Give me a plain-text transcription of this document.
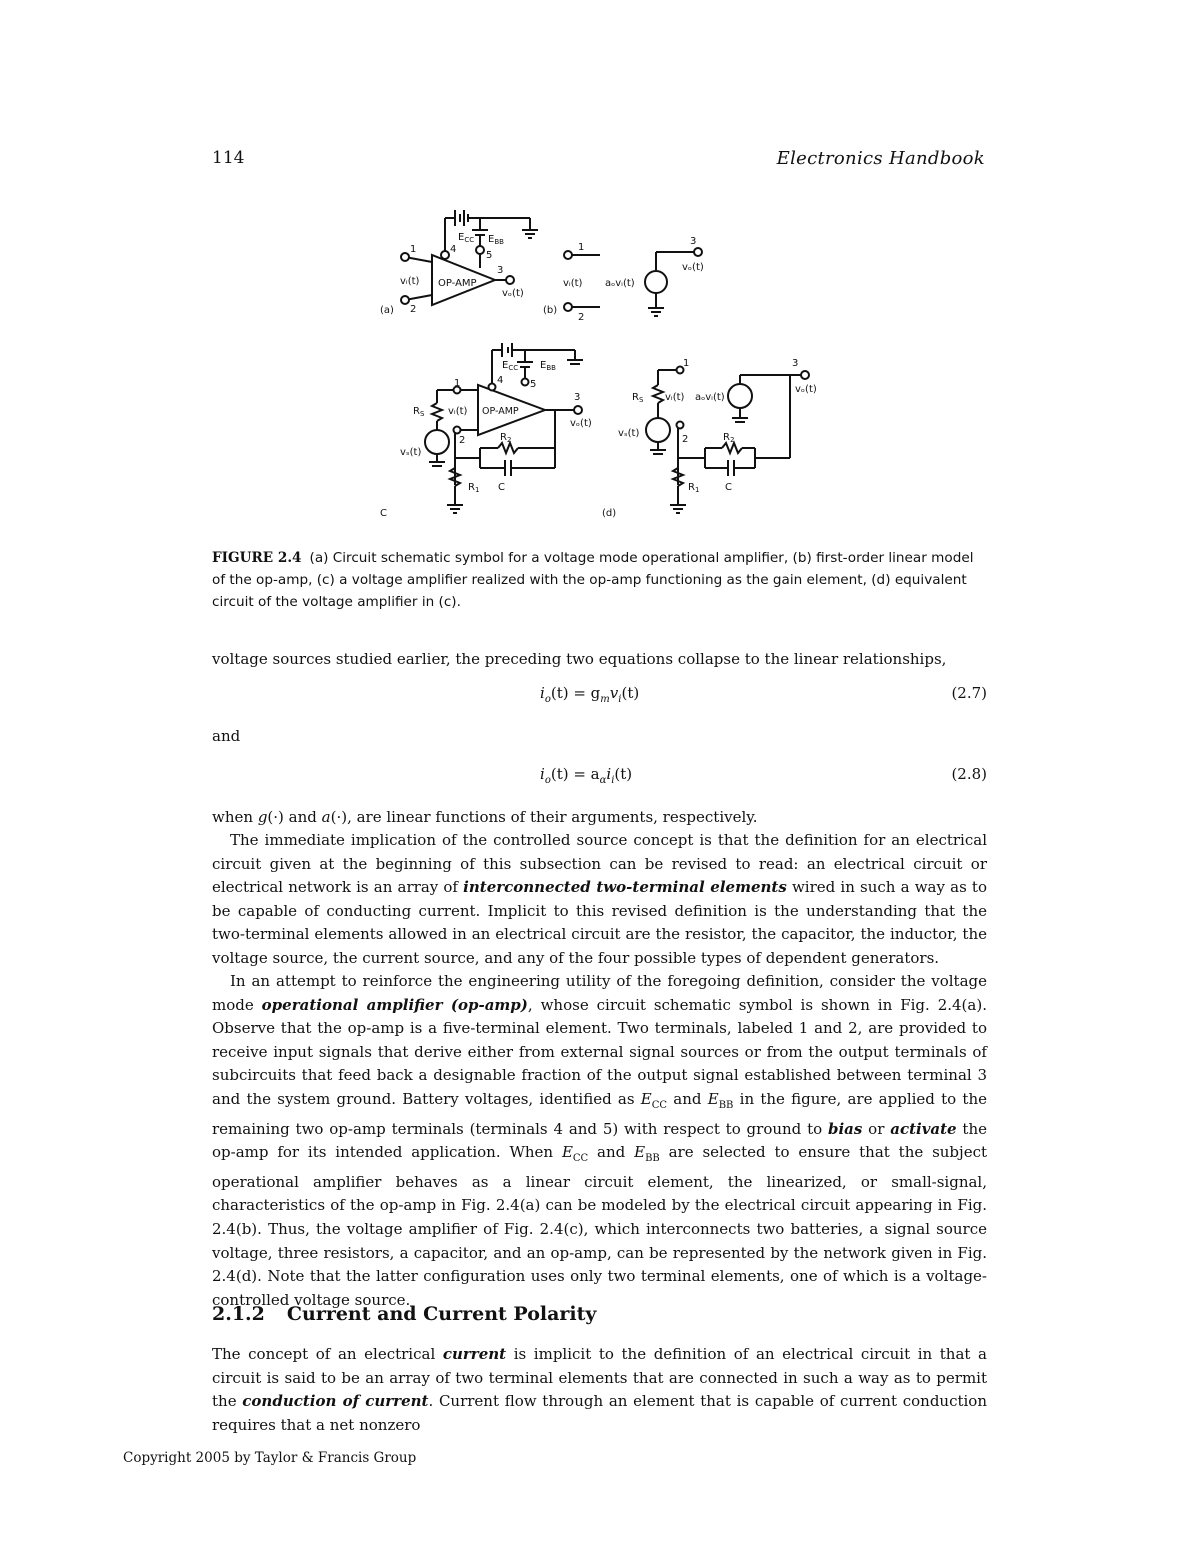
114	Electronics Handbook
OP-AMP
1
2
3
4
5
$E_{CC}$ $E_{BB}$
vᵢ(t)
vₒ(t)
(a)
1
2
3
vᵢ(t) aₒvᵢ(t)
vₒ(t)
(b)
OP-AMP
1
2
3
4	5
$E_{CC}$ $E_{BB}$
vᵢ(t)
vₒ(t)
vₛ(t)
$R_S$
$R_1$
$R_2$
C
C
1
2
3
vᵢ(t) aₒvᵢ(t)
vₒ(t)
vₛ(t)
$R_S$
$R_1$
$R_2$
C
(d)
FIGURE 2.4 (a) Circuit schematic symbol for a voltage mode operational amplifier, (b) first-order linear model of the op-amp, (c) a voltage amplifier realized with the op-amp functioning as the gain element, (d) equivalent circuit of the voltage amplifier in (c).
voltage sources studied earlier, the preceding two equations collapse to the linear relationships,
$i_o(t) = g_mv_i(t)$	(2.7)
and
$i_o(t) = a_\alpha i_i(t)$	(2.8)
when g(·) and a(·), are linear functions of their arguments, respectively.
The immediate implication of the controlled source concept is that the definition for an electrical circuit given at the beginning of this subsection can be revised to read: an electrical circuit or electrical network is an array of interconnected two-terminal elements wired in such a way as to be capable of conducting current. Implicit to this revised definition is the understanding that the two-terminal elements allowed in an electrical circuit are the resistor, the capacitor, the inductor, the voltage source, the current source, and any of the four possible types of dependent generators.
In an attempt to reinforce the engineering utility of the foregoing definition, consider the voltage mode operational amplifier (op-amp), whose circuit schematic symbol is shown in Fig. 2.4(a). Observe that the op-amp is a five-terminal element. Two terminals, labeled 1 and 2, are provided to receive input signals that derive either from external signal sources or from the output terminals of subcircuits that feed back a designable fraction of the output signal established between terminal 3 and the system ground. Battery voltages, identified as $E_{CC}$ and $E_{BB}$ in the figure, are applied to the remaining two op-amp terminals (terminals 4 and 5) with respect to ground to bias or activate the op-amp for its intended application. When $E_{CC}$ and $E_{BB}$ are selected to ensure that the subject operational amplifier behaves as a linear circuit element, the linearized, or small-signal, characteristics of the op-amp in Fig. 2.4(a) can be modeled by the electrical circuit appearing in Fig. 2.4(b). Thus, the voltage amplifier of Fig. 2.4(c), which interconnects two batteries, a signal source voltage, three resistors, a capacitor, and an op-amp, can be represented by the network given in Fig. 2.4(d). Note that the latter configuration uses only two terminal elements, one of which is a voltage-controlled voltage source.
2.1.2 Current and Current Polarity
The concept of an electrical current is implicit to the definition of an electrical circuit in that a circuit is said to be an array of two terminal elements that are connected in such a way as to permit the conduction of current. Current flow through an element that is capable of current conduction requires that a net nonzero
Copyright 2005 by Taylor & Francis Group
